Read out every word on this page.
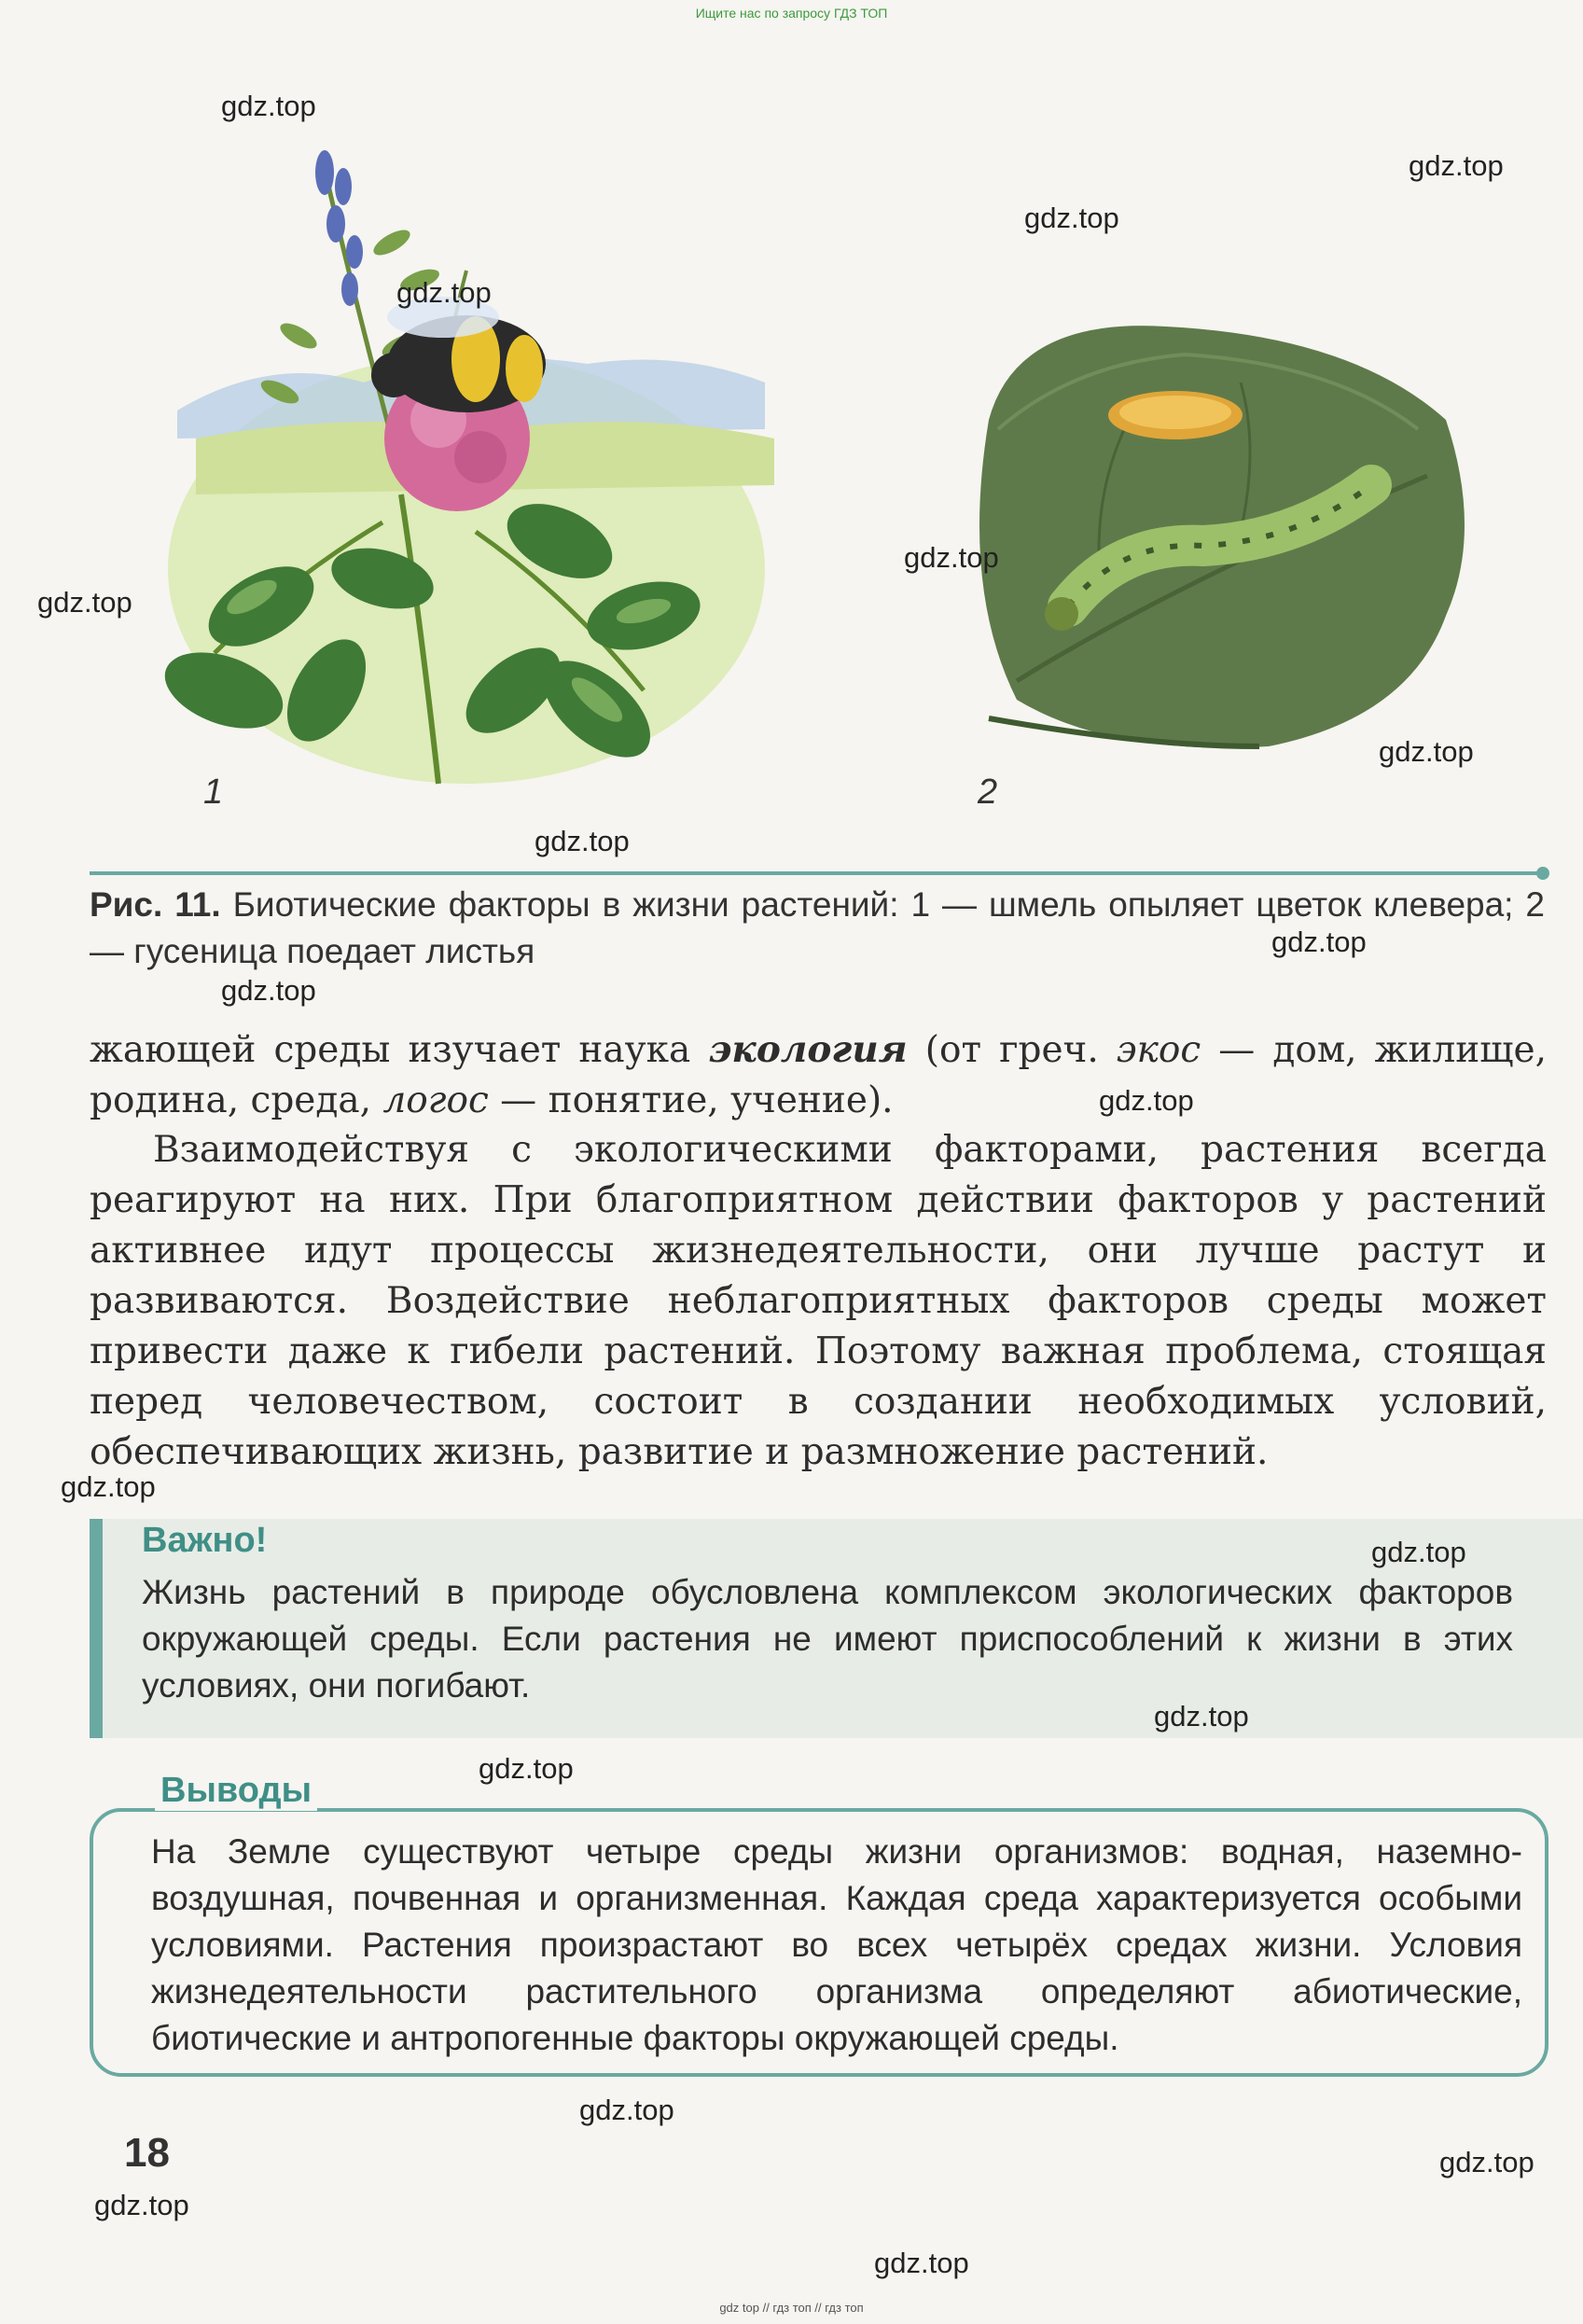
Ищите нас по запросу ГДЗ ТОП
gdz top // гдз топ // гдз топ
1	2
Рис. 11. Биотические факторы в жизни растений: 1 — шмель опыляет цветок клевера; 2 — гусеница поедает листья
жающей среды изучает наука экология (от греч. экос — дом, жилище, родина, среда, логос — понятие, учение).
Взаимодействуя с экологическими факторами, растения всегда реагируют на них. При благоприятном действии факторов у растений активнее идут процессы жизнедеятельности, они лучше растут и развиваются. Воздействие неблагоприятных факторов среды может привести даже к гибели растений. Поэтому важная проблема, стоящая перед человечеством, состоит в создании необходимых условий, обеспечивающих жизнь, развитие и размножение растений.
Важно!
Жизнь растений в природе обусловлена комплексом экологических факторов окружающей среды. Если растения не имеют приспособлений к жизни в этих условиях, они погибают.
На Земле существуют четыре среды жизни организмов: водная, наземно-воздушная, почвенная и организменная. Каждая среда характеризуется особыми условиями. Растения произрастают во всех четырёх средах жизни. Условия жизнедеятельности растительного организма определяют абиотические, биотические и антропогенные факторы окружающей среды.
Выводы
18
gdz.top
gdz.top
gdz.top
gdz.top
gdz.top
gdz.top
gdz.top
gdz.top
gdz.top
gdz.top
gdz.top
gdz.top
gdz.top
gdz.top
gdz.top
gdz.top
gdz.top
gdz.top
gdz.top
